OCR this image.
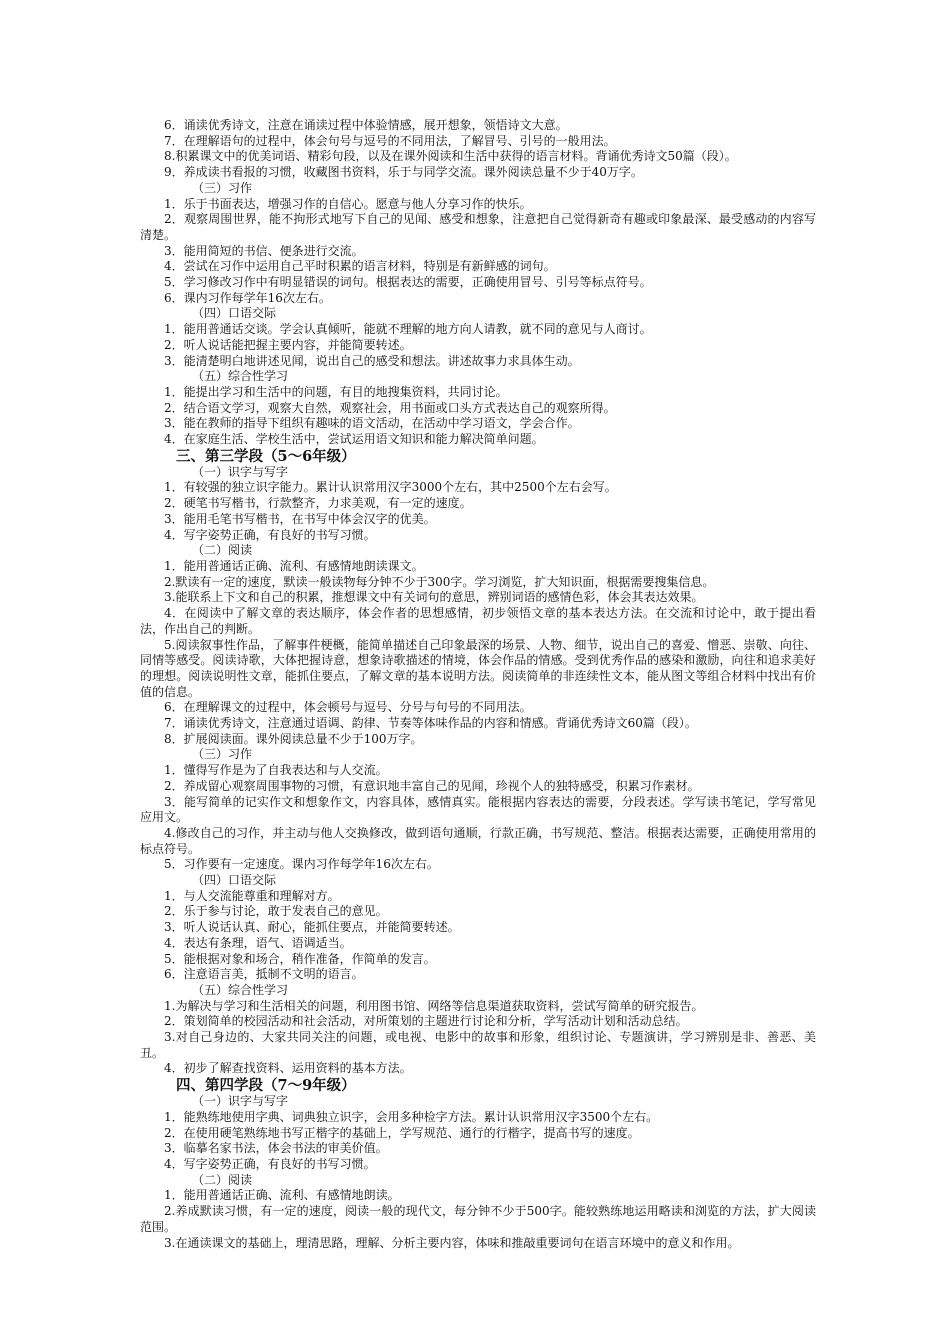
6．诵读优秀诗文，注意在诵读过程中体验情感，展开想象，领悟诗文大意。
7．在理解语句的过程中，体会句号与逗号的不同用法，了解冒号、引号的一般用法。
8.积累课文中的优美词语、精彩句段，以及在课外阅读和生活中获得的语言材料。背诵优秀诗文50篇（段）。
9．养成读书看报的习惯，收藏图书资料，乐于与同学交流。课外阅读总量不少于40万字。
（三）习作
1．乐于书面表达，增强习作的自信心。愿意与他人分享习作的快乐。
2．观察周围世界，能不拘形式地写下自己的见闻、感受和想象，注意把自己觉得新奇有趣或印象最深、最受感动的内容写清楚。
3．能用简短的书信、便条进行交流。
4．尝试在习作中运用自己平时积累的语言材料，特别是有新鲜感的词句。
5．学习修改习作中有明显错误的词句。根据表达的需要，正确使用冒号、引号等标点符号。
6．课内习作每学年16次左右。
（四）口语交际
1．能用普通话交谈。学会认真倾听，能就不理解的地方向人请教，就不同的意见与人商讨。
2．听人说话能把握主要内容，并能简要转述。
3．能清楚明白地讲述见闻，说出自己的感受和想法。讲述故事力求具体生动。
（五）综合性学习
1．能提出学习和生活中的问题，有目的地搜集资料，共同讨论。
2．结合语文学习，观察大自然，观察社会，用书面或口头方式表达自己的观察所得。
3．能在教师的指导下组织有趣味的语文活动，在活动中学习语文，学会合作。
4．在家庭生活、学校生活中，尝试运用语文知识和能力解决简单问题。
三、第三学段（5～6年级）
（一）识字与写字
1．有较强的独立识字能力。累计认识常用汉字3000个左右，其中2500个左右会写。
2．硬笔书写楷书，行款整齐，力求美观，有一定的速度。
3．能用毛笔书写楷书，在书写中体会汉字的优美。
4．写字姿势正确，有良好的书写习惯。
（二）阅读
1．能用普通话正确、流利、有感情地朗读课文。
2.默读有一定的速度，默读一般读物每分钟不少于300字。学习浏览，扩大知识面，根据需要搜集信息。
3.能联系上下文和自己的积累，推想课文中有关词句的意思，辨别词语的感情色彩，体会其表达效果。
4．在阅读中了解文章的表达顺序，体会作者的思想感情，初步领悟文章的基本表达方法。在交流和讨论中，敢于提出看法，作出自己的判断。
5.阅读叙事性作品，了解事件梗概，能简单描述自己印象最深的场景、人物、细节，说出自己的喜爱、憎恶、崇敬、向往、同情等感受。阅读诗歌，大体把握诗意，想象诗歌描述的情境，体会作品的情感。受到优秀作品的感染和激励，向往和追求美好的理想。阅读说明性文章，能抓住要点，了解文章的基本说明方法。阅读简单的非连续性文本，能从图文等组合材料中找出有价值的信息。
6．在理解课文的过程中，体会顿号与逗号、分号与句号的不同用法。
7．诵读优秀诗文，注意通过语调、韵律、节奏等体味作品的内容和情感。背诵优秀诗文60篇（段）。
8．扩展阅读面。课外阅读总量不少于100万字。
（三）习作
1．懂得写作是为了自我表达和与人交流。
2．养成留心观察周围事物的习惯，有意识地丰富自己的见闻，珍视个人的独特感受，积累习作素材。
3．能写简单的记实作文和想象作文，内容具体，感情真实。能根据内容表达的需要，分段表述。学写读书笔记，学写常见应用文。
4.修改自己的习作，并主动与他人交换修改，做到语句通顺，行款正确，书写规范、整洁。根据表达需要，正确使用常用的标点符号。
5．习作要有一定速度。课内习作每学年16次左右。
（四）口语交际
1．与人交流能尊重和理解对方。
2．乐于参与讨论，敢于发表自己的意见。
3．听人说话认真、耐心，能抓住要点，并能简要转述。
4．表达有条理，语气、语调适当。
5．能根据对象和场合，稍作准备，作简单的发言。
6．注意语言美，抵制不文明的语言。
（五）综合性学习
1.为解决与学习和生活相关的问题，利用图书馆、网络等信息渠道获取资料，尝试写简单的研究报告。
2．策划简单的校园活动和社会活动，对所策划的主题进行讨论和分析，学写活动计划和活动总结。
3.对自己身边的、大家共同关注的问题，或电视、电影中的故事和形象，组织讨论、专题演讲，学习辨别是非、善恶、美丑。
4．初步了解查找资料、运用资料的基本方法。
四、第四学段（7～9年级）
（一）识字与写字
1．能熟练地使用字典、词典独立识字，会用多种检字方法。累计认识常用汉字3500个左右。
2．在使用硬笔熟练地书写正楷字的基础上，学写规范、通行的行楷字，提高书写的速度。
3．临摹名家书法，体会书法的审美价值。
4．写字姿势正确，有良好的书写习惯。
（二）阅读
1．能用普通话正确、流利、有感情地朗读。
2.养成默读习惯，有一定的速度，阅读一般的现代文，每分钟不少于500字。能较熟练地运用略读和浏览的方法，扩大阅读范围。
3.在通读课文的基础上，理清思路，理解、分析主要内容，体味和推敲重要词句在语言环境中的意义和作用。
